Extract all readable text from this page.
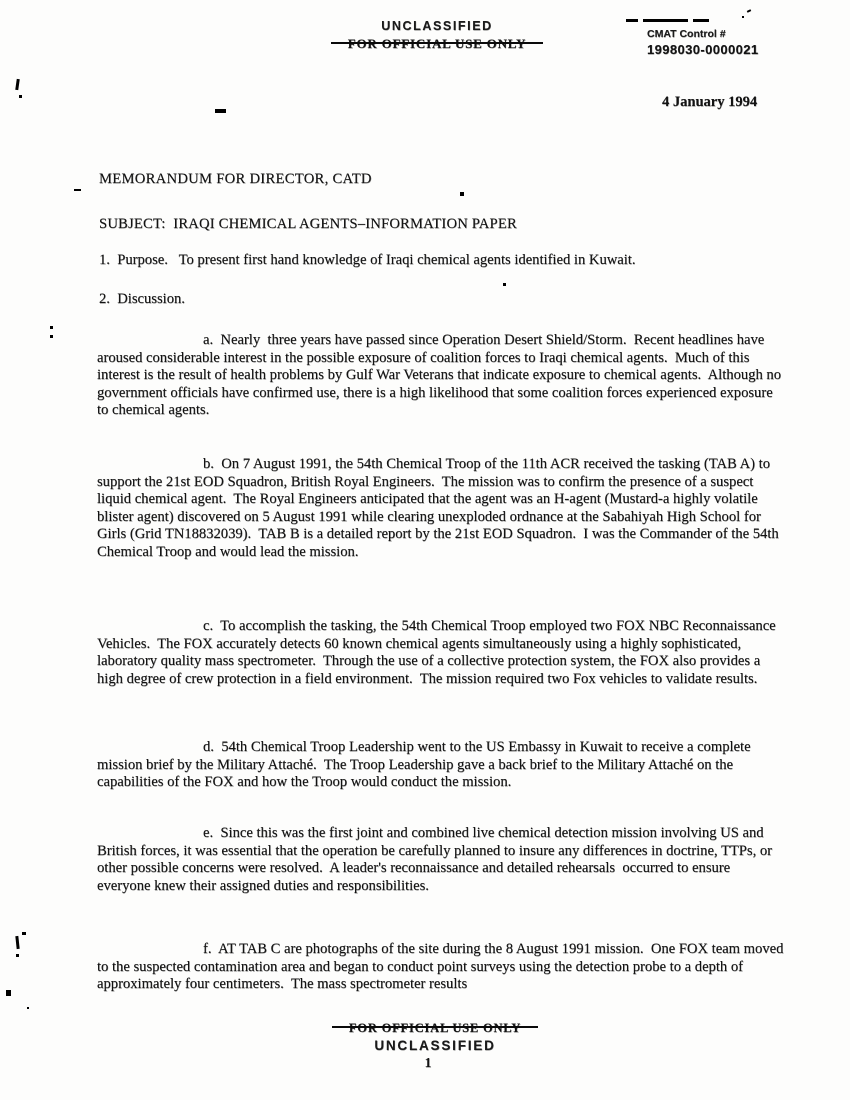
UNCLASSIFIED
CMAT Control #
1998030-0000021
4 January 1994
MEMORANDUM FOR DIRECTOR, CATD
SUBJECT:  IRAQI CHEMICAL AGENTS–INFORMATION PAPER
1.  Purpose.   To present first hand knowledge of Iraqi chemical agents identified in Kuwait.
2.  Discussion.

a.  Nearly  three years have passed since Operation Desert Shield/Storm.  Recent headlines have aroused considerable interest in the possible exposure of coalition forces to Iraqi chemical agents.  Much of this interest is the result of health problems by Gulf War Veterans that indicate exposure to chemical agents.  Although no government officials have confirmed use, there is a high likelihood that some coalition forces experienced exposure to chemical agents.

b.  On 7 August 1991, the 54th Chemical Troop of the 11th ACR received the tasking (TAB A) to support the 21st EOD Squadron, British Royal Engineers.  The mission was to confirm the presence of a suspect liquid chemical agent.  The Royal Engineers anticipated that the agent was an H-agent (Mustard-a highly volatile blister agent) discovered on 5 August 1991 while clearing unexploded ordnance at the Sabahiyah High School for Girls (Grid TN18832039).  TAB B is a detailed report by the 21st EOD Squadron.  I was the Commander of the 54th Chemical Troop and would lead the mission.

c.  To accomplish the tasking, the 54th Chemical Troop employed two FOX NBC Reconnaissance Vehicles.  The FOX accurately detects 60 known chemical agents simultaneously using a highly sophisticated, laboratory quality mass spectrometer.  Through the use of a collective protection system, the FOX also provides a high degree of crew protection in a field environment.  The mission required two Fox vehicles to validate results.

d.  54th Chemical Troop Leadership went to the US Embassy in Kuwait to receive a complete mission brief by the Military Attaché.  The Troop Leadership gave a back brief to the Military Attaché on the capabilities of the FOX and how the Troop would conduct the mission.

e.  Since this was the first joint and combined live chemical detection mission involving US and British forces, it was essential that the operation be carefully planned to insure any differences in doctrine, TTPs, or other possible concerns were resolved.  A leader's reconnaissance and detailed rehearsals  occurred to ensure everyone knew their assigned duties and responsibilities.

f.  AT TAB C are photographs of the site during the 8 August 1991 mission.  One FOX team moved to the suspected contamination area and began to conduct point surveys using the detection probe to a depth of approximately four centimeters.  The mass spectrometer results

UNCLASSIFIED
1
